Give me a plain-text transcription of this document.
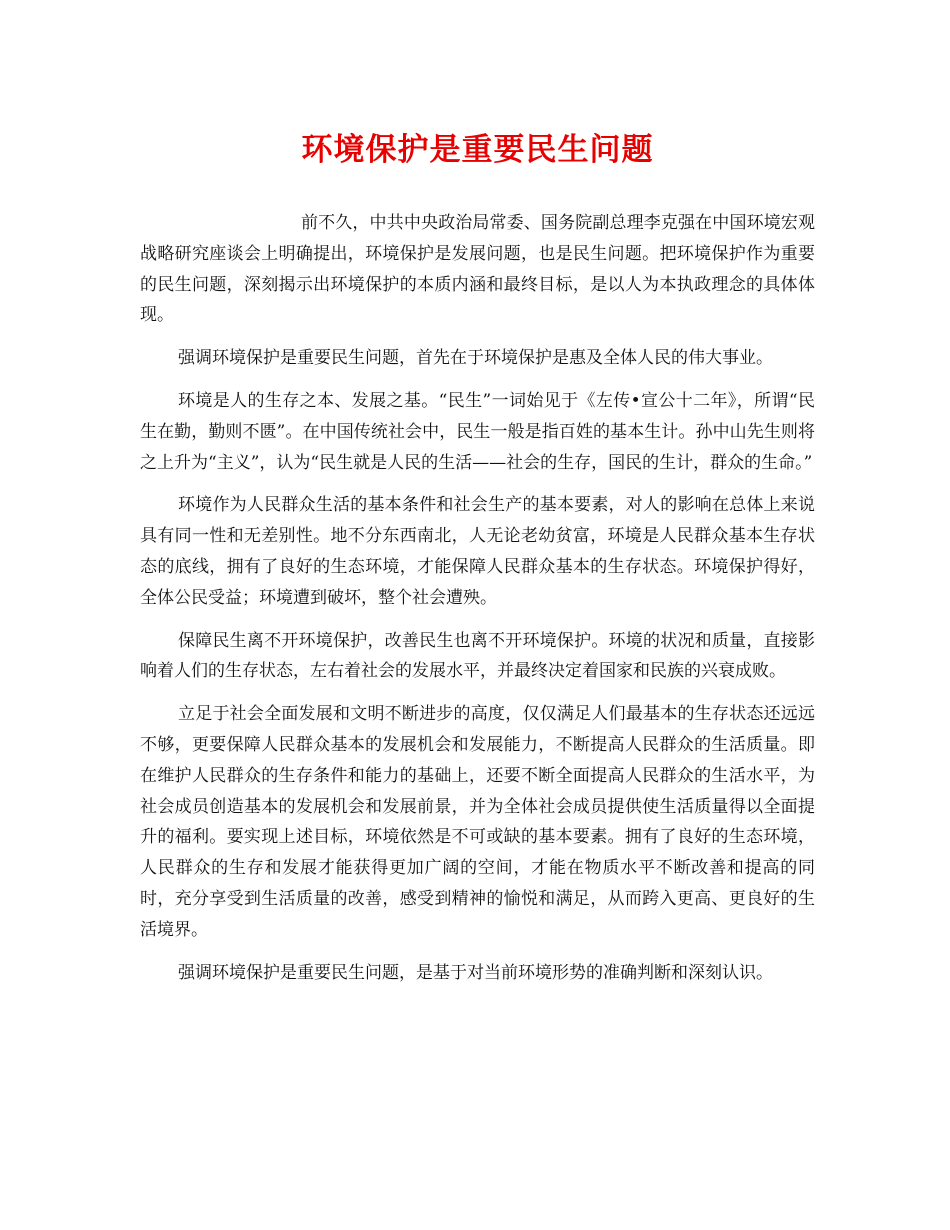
环境保护是重要民生问题

前不久，中共中央政治局常委、国务院副总理李克强在中国环境宏观战略研究座谈会上明确提出，环境保护是发展问题，也是民生问题。把环境保护作为重要的民生问题，深刻揭示出环境保护的本质内涵和最终目标，是以人为本执政理念的具体体现。

强调环境保护是重要民生问题，首先在于环境保护是惠及全体人民的伟大事业。

环境是人的生存之本、发展之基。“民生”一词始见于《左传•宣公十二年》，所谓“民生在勤，勤则不匮”。在中国传统社会中，民生一般是指百姓的基本生计。孙中山先生则将之上升为“主义”，认为“民生就是人民的生活——社会的生存，国民的生计，群众的生命。”

环境作为人民群众生活的基本条件和社会生产的基本要素，对人的影响在总体上来说具有同一性和无差别性。地不分东西南北，人无论老幼贫富，环境是人民群众基本生存状态的底线，拥有了良好的生态环境，才能保障人民群众基本的生存状态。环境保护得好，全体公民受益；环境遭到破坏，整个社会遭殃。

保障民生离不开环境保护，改善民生也离不开环境保护。环境的状况和质量，直接影响着人们的生存状态，左右着社会的发展水平，并最终决定着国家和民族的兴衰成败。

立足于社会全面发展和文明不断进步的高度，仅仅满足人们最基本的生存状态还远远不够，更要保障人民群众基本的发展机会和发展能力，不断提高人民群众的生活质量。即在维护人民群众的生存条件和能力的基础上，还要不断全面提高人民群众的生活水平，为社会成员创造基本的发展机会和发展前景，并为全体社会成员提供使生活质量得以全面提升的福利。要实现上述目标，环境依然是不可或缺的基本要素。拥有了良好的生态环境，人民群众的生存和发展才能获得更加广阔的空间，才能在物质水平不断改善和提高的同时，充分享受到生活质量的改善，感受到精神的愉悦和满足，从而跨入更高、更良好的生活境界。

强调环境保护是重要民生问题，是基于对当前环境形势的准确判断和深刻认识。
